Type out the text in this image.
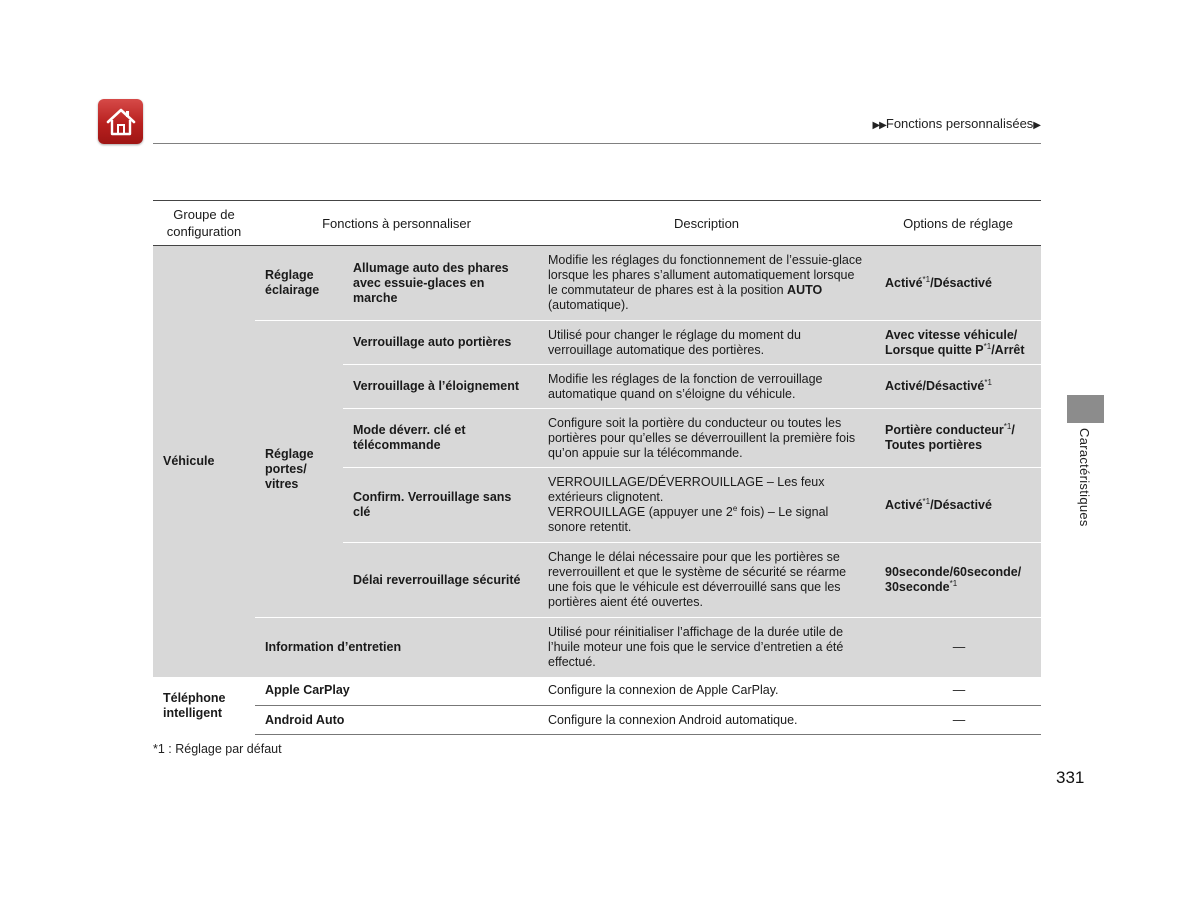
▶▶Fonctions personnalisées▶
Groupe de configuration	Fonctions à personnaliser		Description	Options de réglage
Véhicule	Réglage éclairage	Allumage auto des phares avec essuie-glaces en marche	Modifie les réglages du fonctionnement de l’essuie-glace lorsque les phares s’allument automatiquement lorsque le commutateur de phares est à la position AUTO (automatique).	Activé$^{*1}$/Désactivé
	Réglage portes/ vitres	Verrouillage auto portières	Utilisé pour changer le réglage du moment du verrouillage automatique des portières.	Avec vitesse véhicule/
Lorsque quitte P$^{*1}$/Arrêt
		Verrouillage à l’éloignement	Modifie les réglages de la fonction de verrouillage automatique quand on s’éloigne du véhicule.	Activé/Désactivé$^{*1}$
		Mode déverr. clé et télécommande	Configure soit la portière du conducteur ou toutes les portières pour qu’elles se déverrouillent la première fois qu’on appuie sur la télécommande.	Portière conducteur$^{*1}$/
Toutes portières
		Confirm. Verrouillage sans clé	VERROUILLAGE/DÉVERROUILLAGE – Les feux extérieurs clignotent.
VERROUILLAGE (appuyer une 2e fois) – Le signal sonore retentit.	Activé$^{*1}$/Désactivé
		Délai reverrouillage sécurité	Change le délai nécessaire pour que les portières se reverrouillent et que le système de sécurité se réarme une fois que le véhicule est déverrouillé sans que les portières aient été ouvertes.	90seconde/60seconde/
30seconde$^{*1}$
	Information d’entretien		Utilisé pour réinitialiser l’affichage de la durée utile de l’huile moteur une fois que le service d’entretien a été effectué.	—
Téléphone intelligent	Apple CarPlay		Configure la connexion de Apple CarPlay.	—
	Android Auto		Configure la connexion Android automatique.	—
*1 : Réglage par défaut
331
Caractéristiques
